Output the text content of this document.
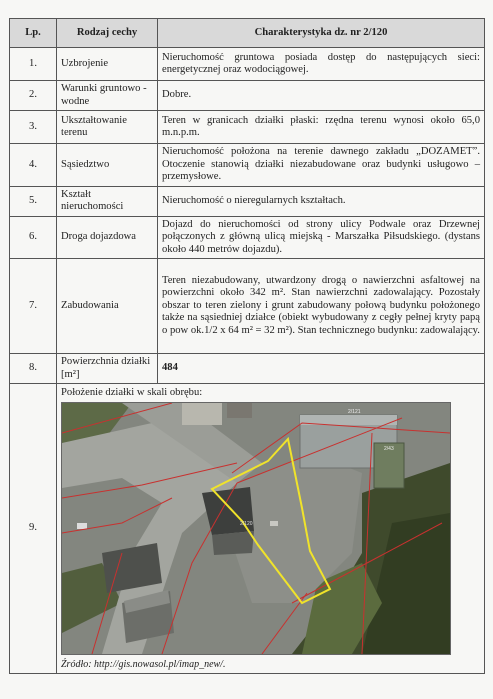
Lp.	Rodzaj cechy	Charakterystyka dz. nr 2/120
1.	Uzbrojenie	Nieruchomość gruntowa posiada dostęp do następujących sieci: energetycznej oraz wodociągowej.
2.	Warunki gruntowo - wodne	Dobre.
3.	Ukształtowanie terenu	Teren w granicach działki płaski: rzędna terenu wynosi około 65,0 m.n.p.m.
4.	Sąsiedztwo	Nieruchomość położona na terenie dawnego zakładu „DOZAMET”. Otoczenie stanowią działki niezabudowane oraz budynki usługowo – przemysłowe.
5.	Kształt nieruchomości	Nieruchomość o nieregularnych kształtach.
6.	Droga dojazdowa	Dojazd do nieruchomości od strony ulicy Podwale oraz Drzewnej połączonych z główną ulicą miejską - Marszałka Piłsudskiego. (dystans około 440 metrów dojazdu).
7.	Zabudowania	Teren niezabudowany, utwardzony drogą o nawierzchni asfaltowej na powierzchni około 342 m². Stan nawierzchni zadowalający. Pozostały obszar to teren zielony i grunt zabudowany połową budynku położonego także na sąsiedniej działce (obiekt wybudowany z cegły pełnej kryty papą o pow ok.1/2 x 64 m² = 32 m²). Stan technicznego budynku: zadowalający.
8.	Powierzchnia działki [m²]	484
9.	Położenie działki w skali obrębu:
2/120
2/43
2/121
Źródło: http://gis.nowasol.pl/imap_new/.	
